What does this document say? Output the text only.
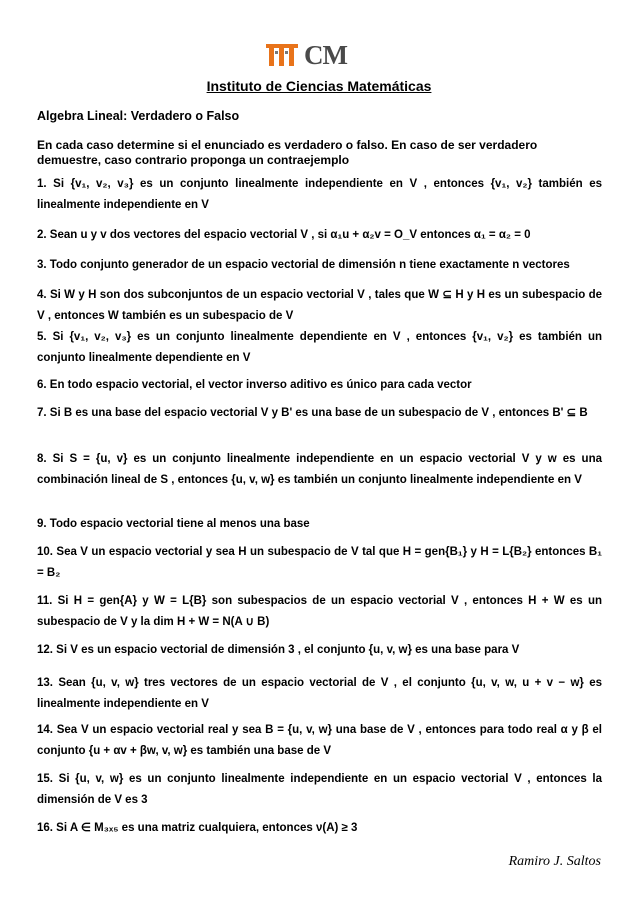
CM
Instituto de Ciencias Matemáticas
Algebra Lineal: Verdadero o Falso
En cada caso determine si el enunciado es verdadero o falso. En caso de ser verdadero demuestre, caso contrario proponga un contraejemplo
1. Si {v₁, v₂, v₃} es un conjunto linealmente independiente en V , entonces {v₁, v₂} también es linealmente independiente en V
2. Sean u y v dos vectores del espacio vectorial V , si α₁u + α₂v = O_V entonces α₁ = α₂ = 0
3. Todo conjunto generador de un espacio vectorial de dimensión n tiene exactamente n vectores
4. Si W y H son dos subconjuntos de un espacio vectorial V , tales que W ⊆ H y H es un subespacio de V , entonces W también es un subespacio de V
5. Si {v₁, v₂, v₃} es un conjunto linealmente dependiente en V , entonces {v₁, v₂} es también un conjunto linealmente dependiente en V
6. En todo espacio vectorial, el vector inverso aditivo es único para cada vector
7. Si B es una base del espacio vectorial V y B' es una base de un subespacio de V , entonces B' ⊆ B
8. Si S = {u, v} es un conjunto linealmente independiente en un espacio vectorial V y w es una combinación lineal de S , entonces {u, v, w} es también un conjunto linealmente independiente en V
9. Todo espacio vectorial tiene al menos una base
10. Sea V un espacio vectorial y sea H un subespacio de V tal que H = gen{B₁} y H = L{B₂} entonces B₁ = B₂
11. Si H = gen{A} y W = L{B} son subespacios de un espacio vectorial V , entonces H + W es un subespacio de V y la dim H + W = N(A ∪ B)
12. Si V es un espacio vectorial de dimensión 3 , el conjunto {u, v, w} es una base para V
13. Sean {u, v, w} tres vectores de un espacio vectorial de V , el conjunto {u, v, w, u + v − w} es linealmente independiente en V
14. Sea V un espacio vectorial real y sea B = {u, v, w} una base de V , entonces para todo real α y β el conjunto {u + αv + βw, v, w} es también una base de V
15. Si {u, v, w} es un conjunto linealmente independiente en un espacio vectorial V , entonces la dimensión de V es 3
16. Si A ∈ M₃ₓ₅ es una matriz cualquiera, entonces ν(A) ≥ 3
Ramiro J. Saltos
